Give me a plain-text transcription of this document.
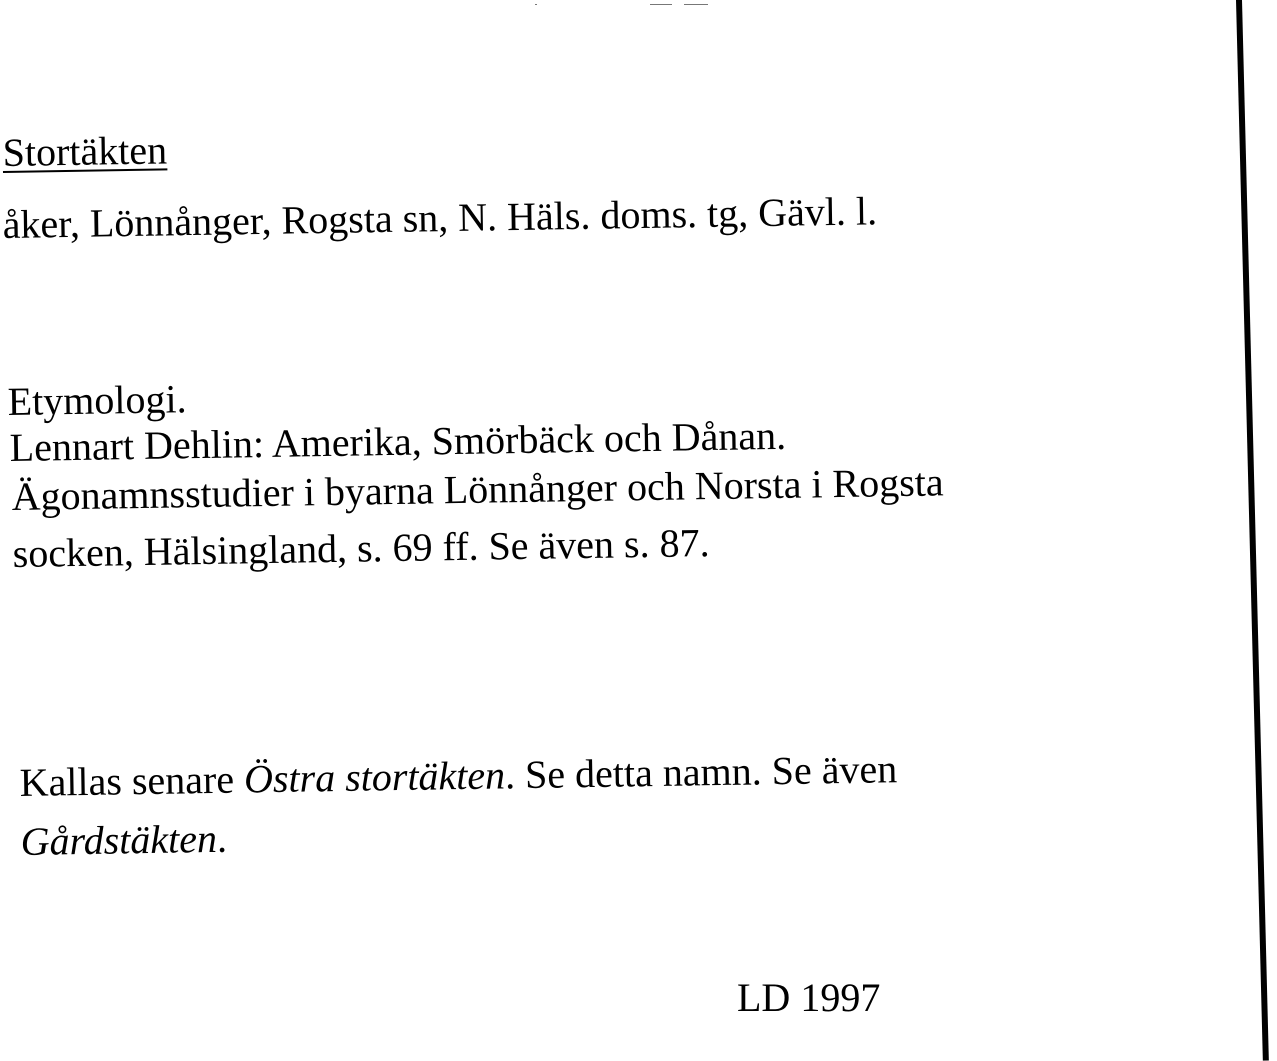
Stortäkten
åker, Lönnånger, Rogsta sn, N. Häls. doms. tg, Gävl. l.
Etymologi.
Lennart Dehlin: Amerika, Smörbäck och Dånan.
Ägonamnsstudier i byarna Lönnånger och Norsta i Rogsta
socken, Hälsingland, s. 69 ff. Se även s. 87.
Kallas senare Östra stortäkten. Se detta namn. Se även
Gårdstäkten.
LD 1997
